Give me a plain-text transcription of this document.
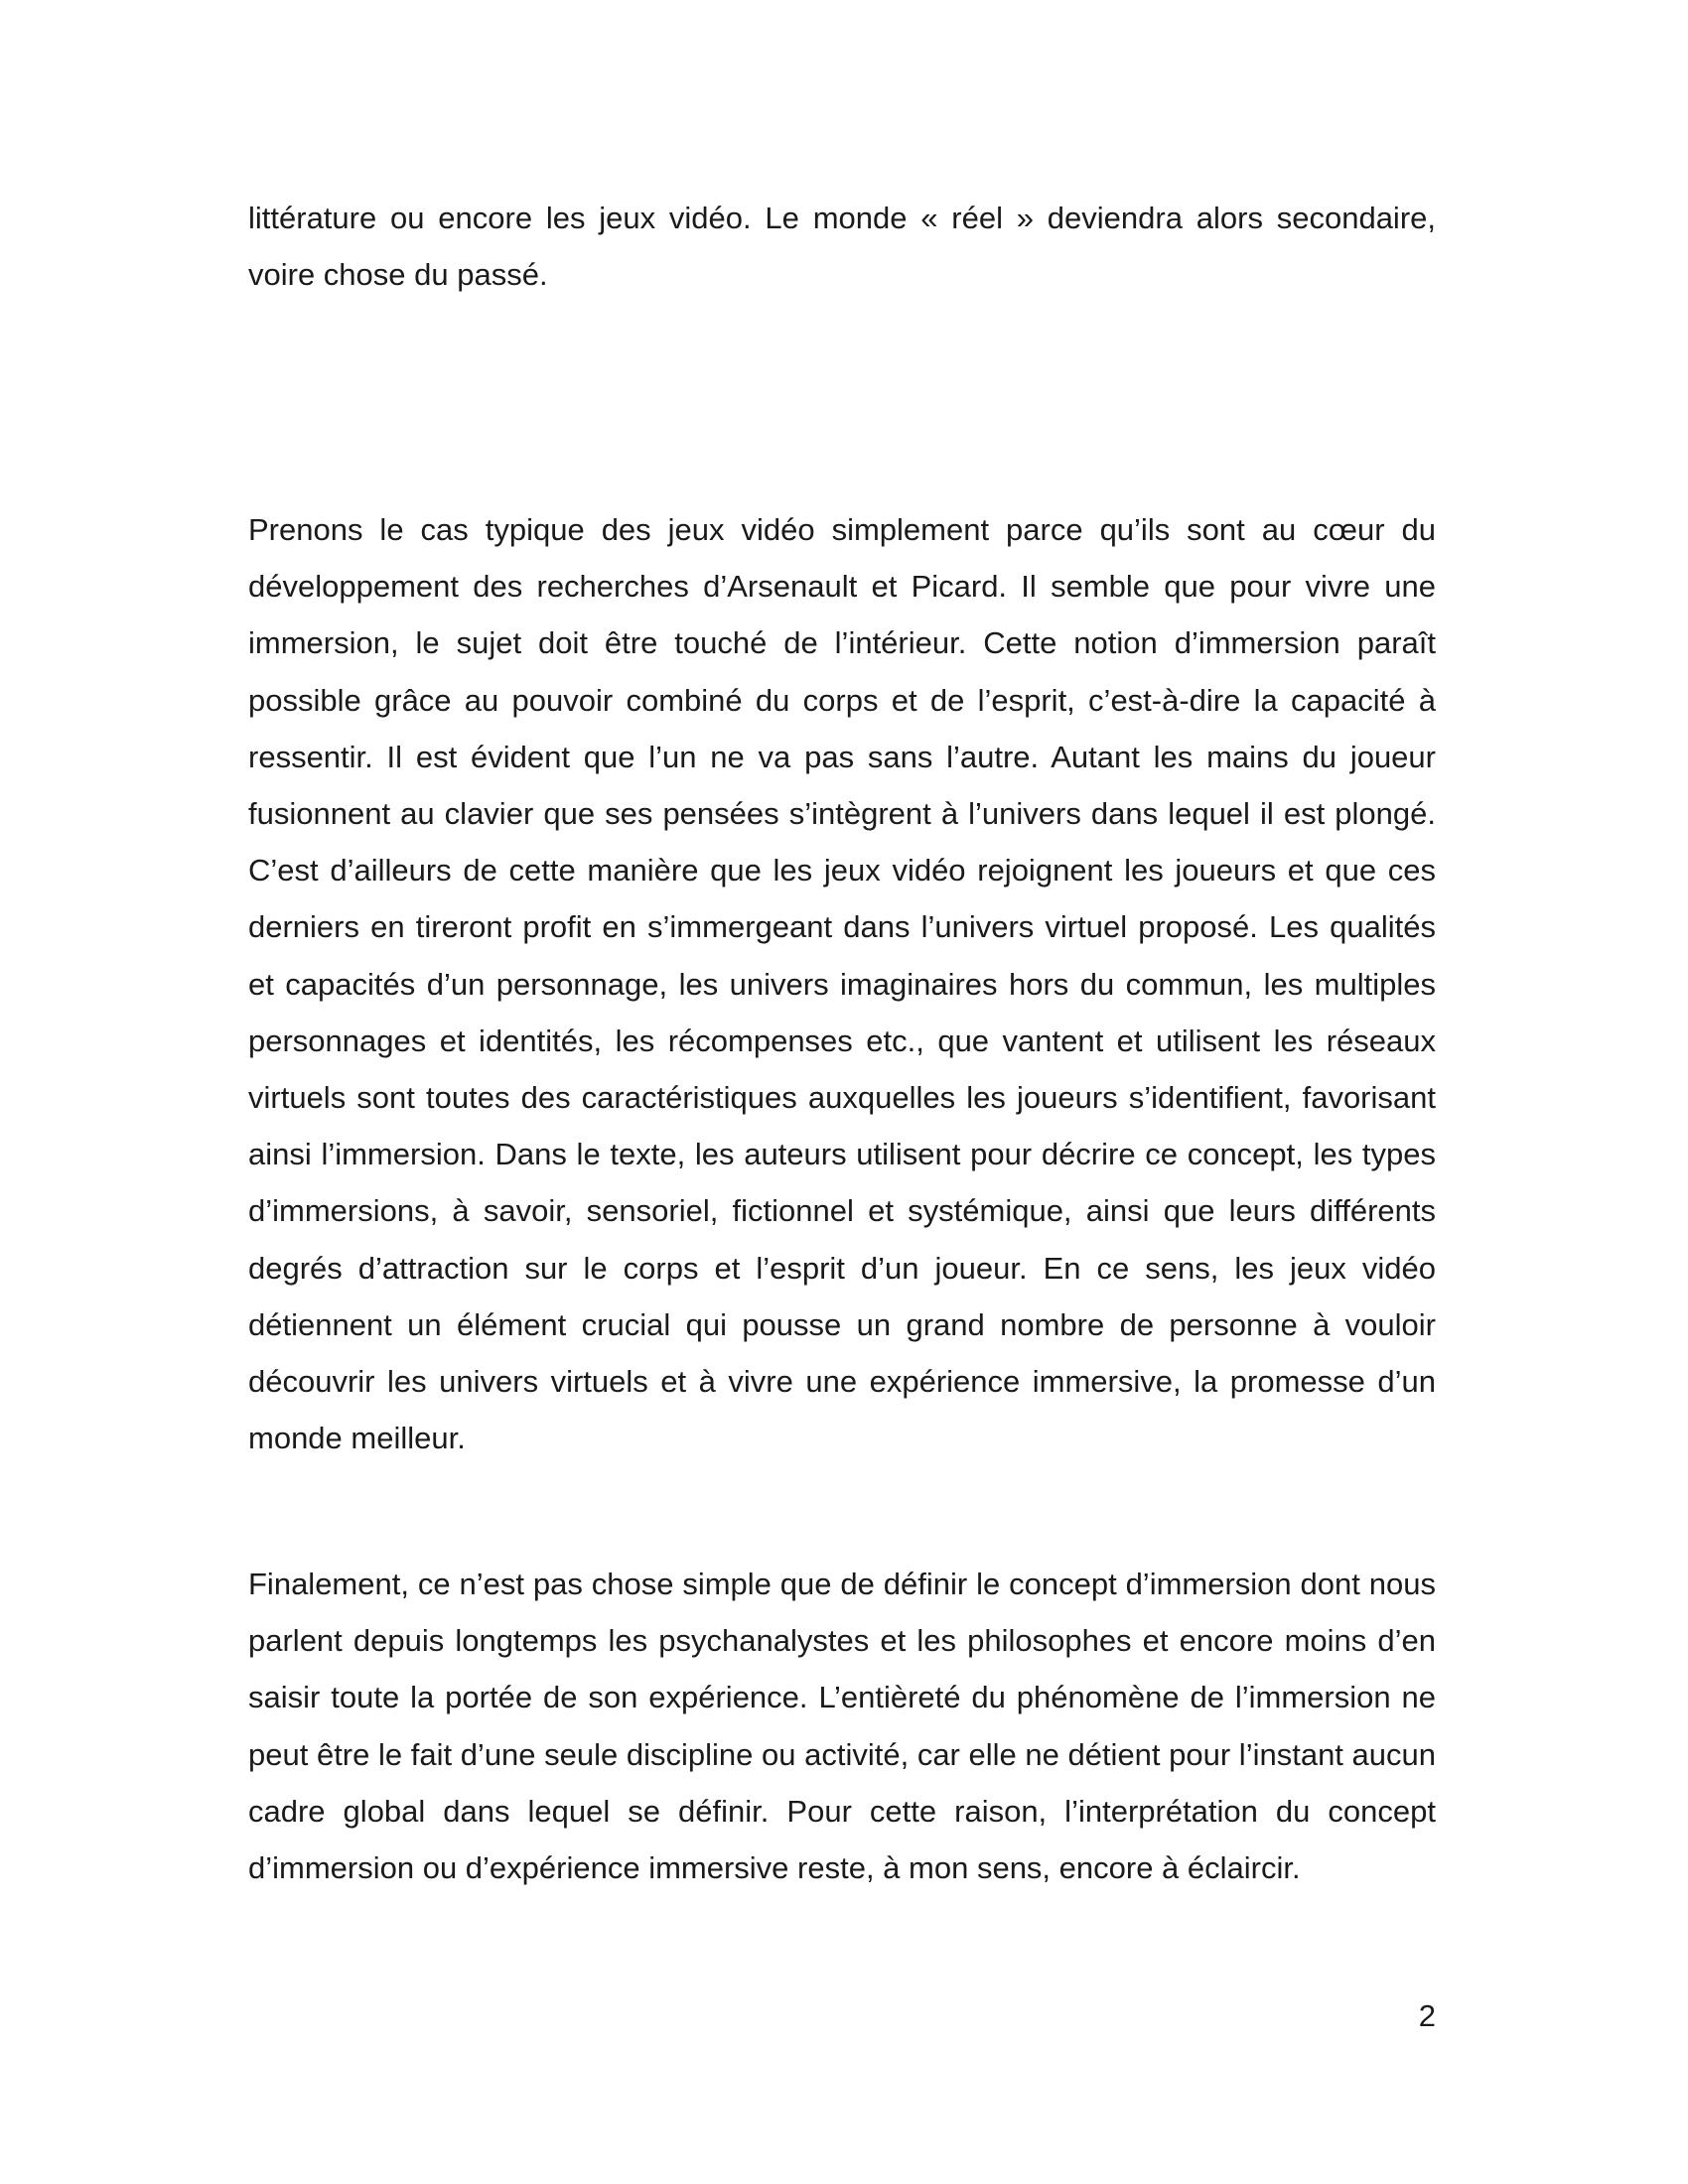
littérature ou encore les jeux vidéo. Le monde « réel » deviendra alors secondaire, voire chose du passé.

Prenons le cas typique des jeux vidéo simplement parce qu’ils sont au cœur du développement des recherches d’Arsenault et Picard. Il semble que pour vivre une immersion, le sujet doit être touché de l’intérieur. Cette notion d’immersion paraît possible grâce au pouvoir combiné du corps et de l’esprit, c’est-à-dire la capacité à ressentir. Il est évident que l’un ne va pas sans l’autre. Autant les mains du joueur fusionnent au clavier que ses pensées s’intègrent à l’univers dans lequel il est plongé. C’est d’ailleurs de cette manière que les jeux vidéo rejoignent les joueurs et que ces derniers en tireront profit en s’immergeant dans l’univers virtuel proposé. Les qualités et capacités d’un personnage, les univers imaginaires hors du commun, les multiples personnages et identités, les récompenses etc., que vantent et utilisent les réseaux virtuels sont toutes des caractéristiques auxquelles les joueurs s’identifient, favorisant ainsi l’immersion. Dans le texte, les auteurs utilisent pour décrire ce concept, les types d’immersions, à savoir, sensoriel, fictionnel et systémique, ainsi que leurs différents degrés d’attraction sur le corps et l’esprit d’un joueur. En ce sens, les jeux vidéo détiennent un élément crucial qui pousse un grand nombre de personne à vouloir découvrir les univers virtuels et à vivre une expérience immersive, la promesse d’un monde meilleur.

Finalement, ce n’est pas chose simple que de définir le concept d’immersion dont nous parlent depuis longtemps les psychanalystes et les philosophes et encore moins d’en saisir toute la portée de son expérience. L’entièreté du phénomène de l’immersion ne peut être le fait d’une seule discipline ou activité, car elle ne détient pour l’instant aucun cadre global dans lequel se définir. Pour cette raison, l’interprétation du concept d’immersion ou d’expérience immersive reste, à mon sens, encore à éclaircir.

2
